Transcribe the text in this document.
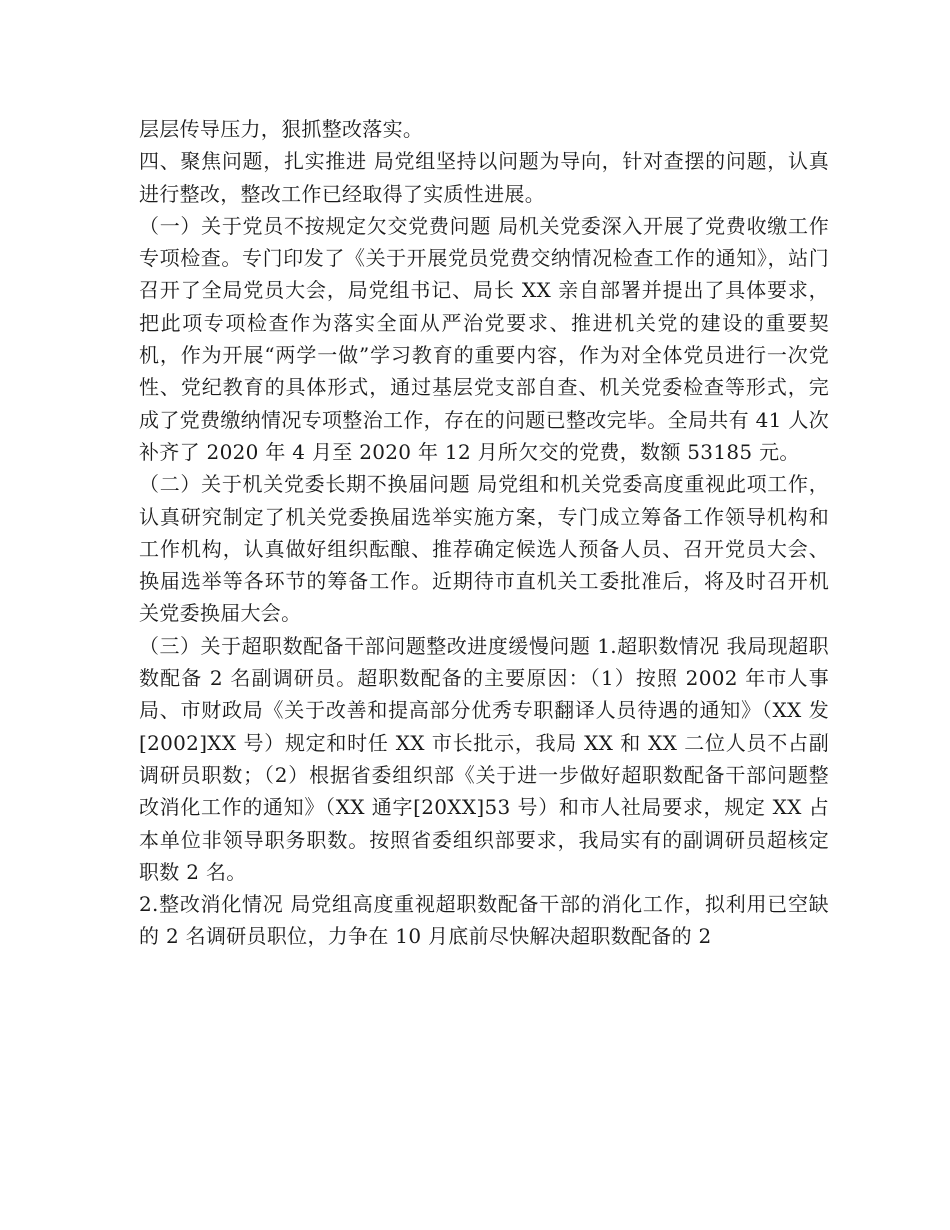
层层传导压力，狠抓整改落实。

四、聚焦问题，扎实推进 局党组坚持以问题为导向，针对查摆的问题，认真进行整改，整改工作已经取得了实质性进展。

（一）关于党员不按规定欠交党费问题 局机关党委深入开展了党费收缴工作专项检查。专门印发了《关于开展党员党费交纳情况检查工作的通知》，站门召开了全局党员大会，局党组书记、局长 XX 亲自部署并提出了具体要求，把此项专项检查作为落实全面从严治党要求、推进机关党的建设的重要契机，作为开展“两学一做”学习教育的重要内容，作为对全体党员进行一次党性、党纪教育的具体形式，通过基层党支部自查、机关党委检查等形式，完成了党费缴纳情况专项整治工作，存在的问题已整改完毕。全局共有 41 人次补齐了 2020 年 4 月至 2020 年 12 月所欠交的党费，数额 53185 元。

（二）关于机关党委长期不换届问题 局党组和机关党委高度重视此项工作，认真研究制定了机关党委换届选举实施方案，专门成立筹备工作领导机构和工作机构，认真做好组织酝酿、推荐确定候选人预备人员、召开党员大会、换届选举等各环节的筹备工作。近期待市直机关工委批准后，将及时召开机关党委换届大会。

（三）关于超职数配备干部问题整改进度缓慢问题 1.超职数情况 我局现超职数配备 2 名副调研员。超职数配备的主要原因：（1）按照 2002 年市人事局、市财政局《关于改善和提高部分优秀专职翻译人员待遇的通知》（XX 发[2002]XX 号）规定和时任 XX 市长批示，我局 XX 和 XX 二位人员不占副调研员职数；（2）根据省委组织部《关于进一步做好超职数配备干部问题整改消化工作的通知》（XX 通字[20XX]53 号）和市人社局要求，规定 XX 占本单位非领导职务职数。按照省委组织部要求，我局实有的副调研员超核定职数 2 名。

2.整改消化情况 局党组高度重视超职数配备干部的消化工作，拟利用已空缺的 2 名调研员职位，力争在 10 月底前尽快解决超职数配备的 2
